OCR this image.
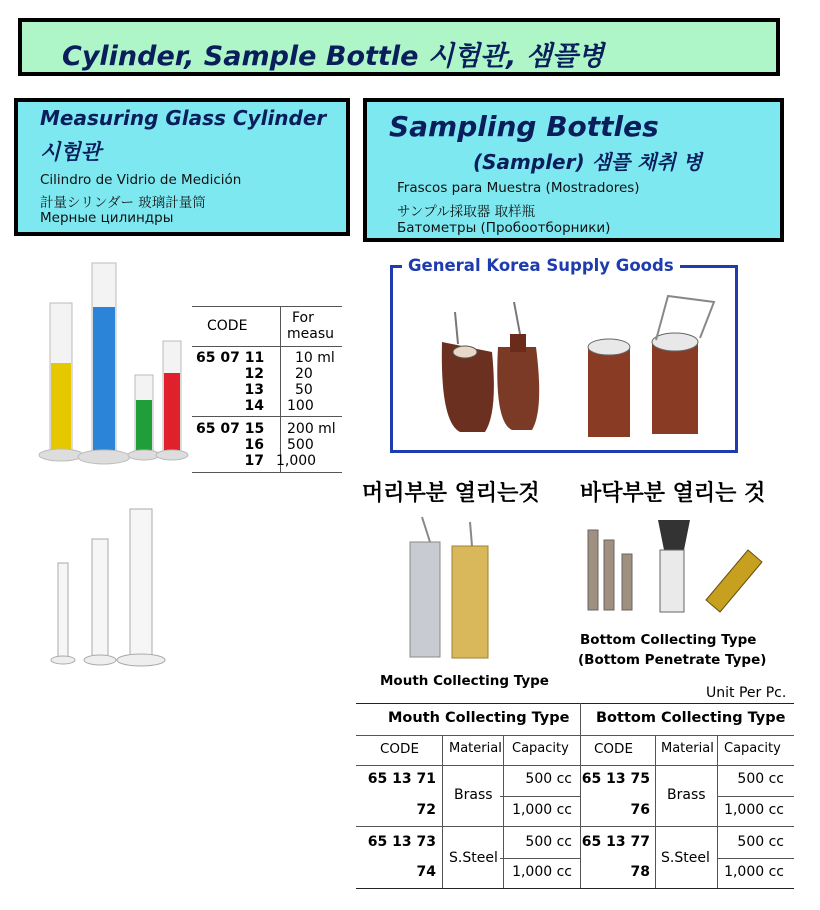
Cylinder, Sample Bottle 시험관, 샘플병
Measuring Glass Cylinder
시험관
Cilindro de Vidrio de Medición
計量シリンダー 玻璃計量筒
Мерные цилиндры
Sampling Bottles
(Sampler) 샘플 채취 병
Frascos para Muestra (Mostradores)
サンプル採取器 取样瓶
Батометры (Пробоотборники)
CODE	For
measu
65 07 11
12
13
14
65 07 15
16
17
10 ml
20
50
100
200 ml
500
1,000
General Korea Supply Goods
머리부분 열리는것 바닥부분 열리는 것
Mouth Collecting Type
Bottom Collecting Type
(Bottom Penetrate Type)
Unit Per Pc.
Mouth Collecting Type Bottom Collecting Type
CODE Material Capacity CODE Material Capacity
65 13 71
72
65 13 73
74
Brass
S.Steel
500 cc
1,000 cc
500 cc
1,000 cc
65 13 75
76
65 13 77
78
Brass
S.Steel
500 cc
1,000 cc
500 cc
1,000 cc
